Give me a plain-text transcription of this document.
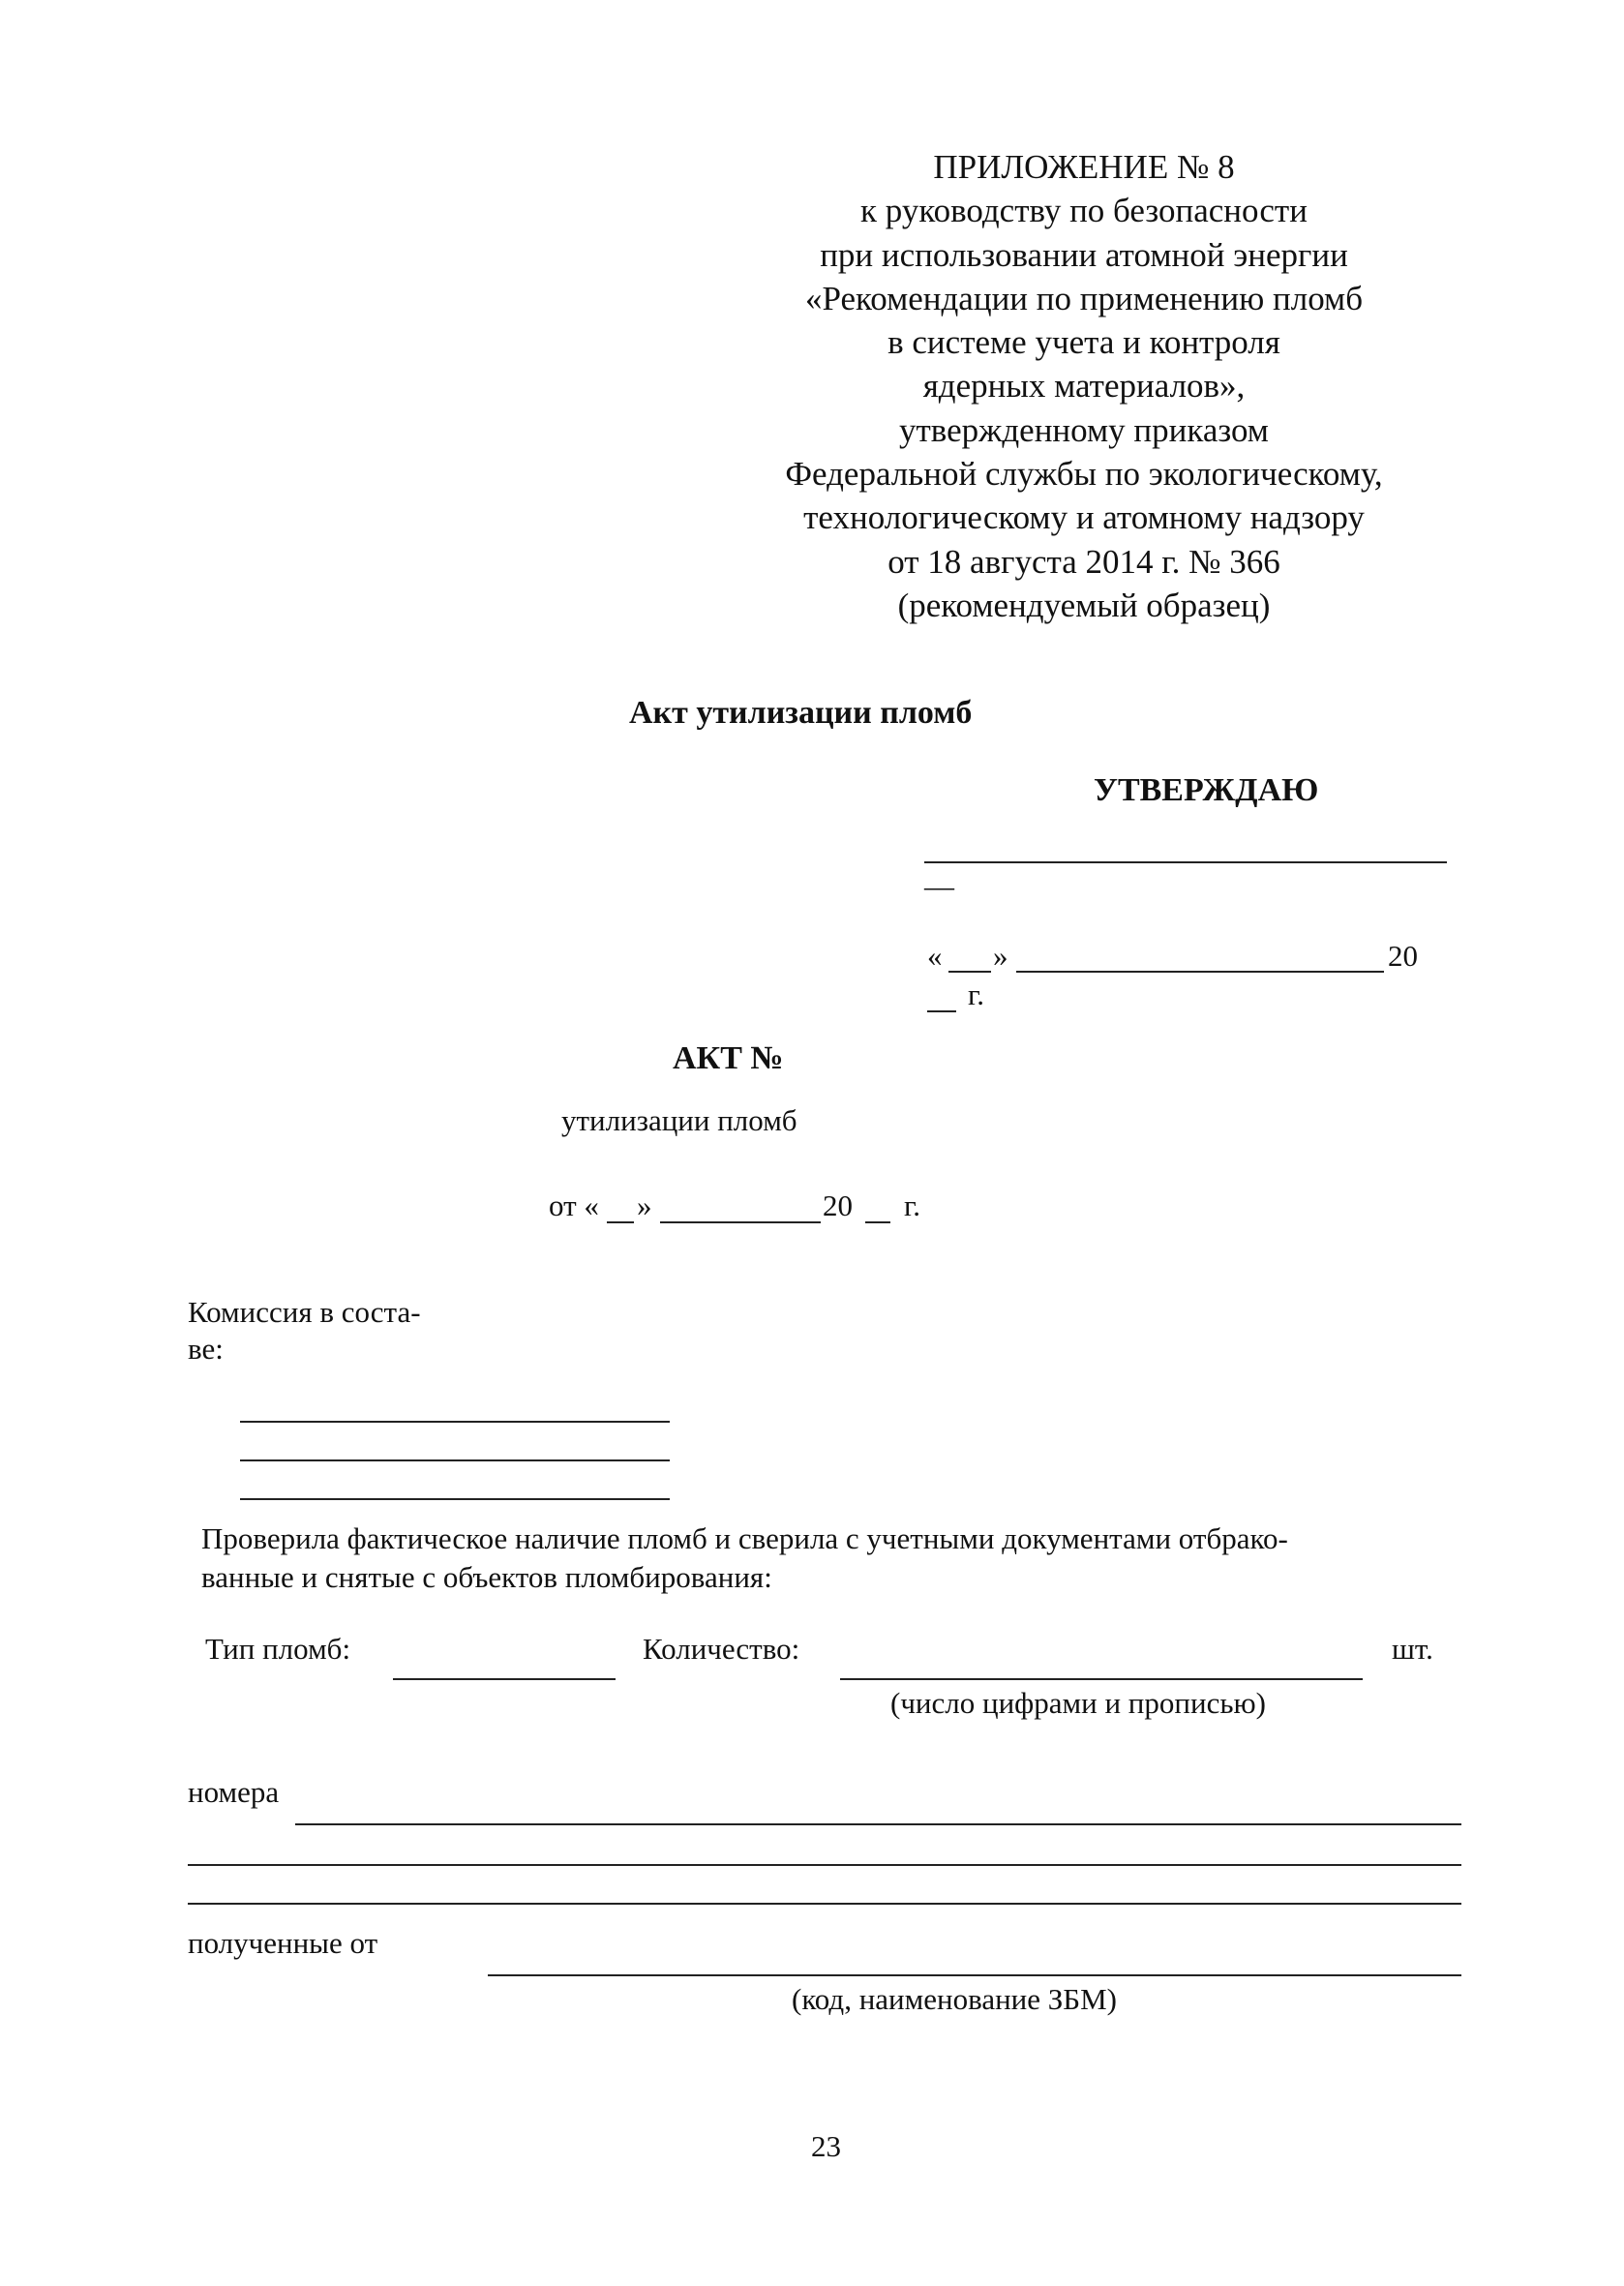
ПРИЛОЖЕНИЕ № 8
к руководству по безопасности
при использовании атомной энергии
«Рекомендации по применению пломб
в системе учета и контроля
ядерных материалов»,
утвержденному приказом
Федеральной службы по экологическому,
технологическому и атомному надзору
от 18 августа 2014 г. № 366
(рекомендуемый образец)
Акт утилизации пломб
УТВЕРЖДАЮ
—
« »	20
г.
АКТ №
утилизации пломб
от « »	20 г.
Комиссия в соста-
ве:
Проверила фактическое наличие пломб и сверила с учетными документами отбрако-
ванные и снятые с объектов пломбирования:
Тип пломб:	Количество:	шт.
(число цифрами и прописью)
номера
полученные от
(код, наименование ЗБМ)
23
